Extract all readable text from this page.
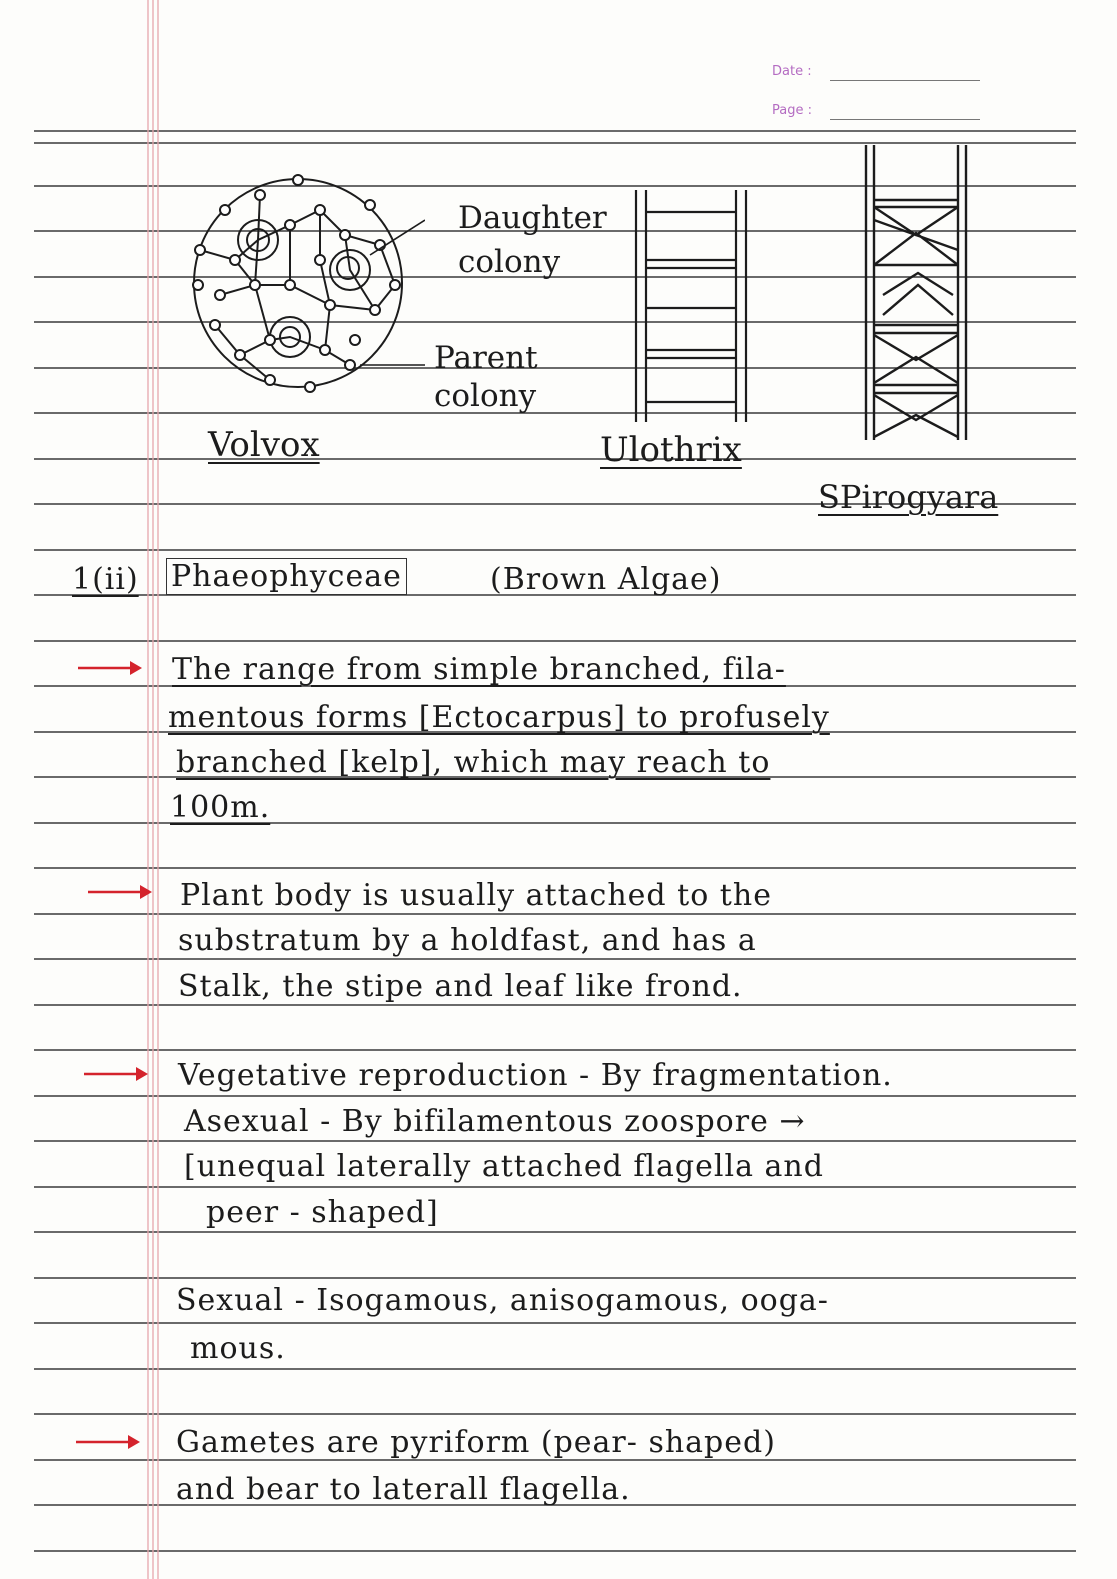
Date :
Page :
Daughter
colony
Parent
colony
Volvox	Ulothrix
SPirogyara
1(ii) Phaeophyceae	(Brown Algae)
The range from simple branched, fila-
mentous forms [Ectocarpus] to profusely
branched [kelp], which may reach to
100m.
Plant body is usually attached to the
substratum by a holdfast, and has a
Stalk, the stipe and leaf like frond.
Vegetative reproduction - By fragmentation.
Asexual - By bifilamentous zoospore →
[unequal laterally attached flagella and
peer - shaped]
Sexual - Isogamous, anisogamous, ooga-
mous.
Gametes are pyriform (pear- shaped)
and bear to laterall flagella.
